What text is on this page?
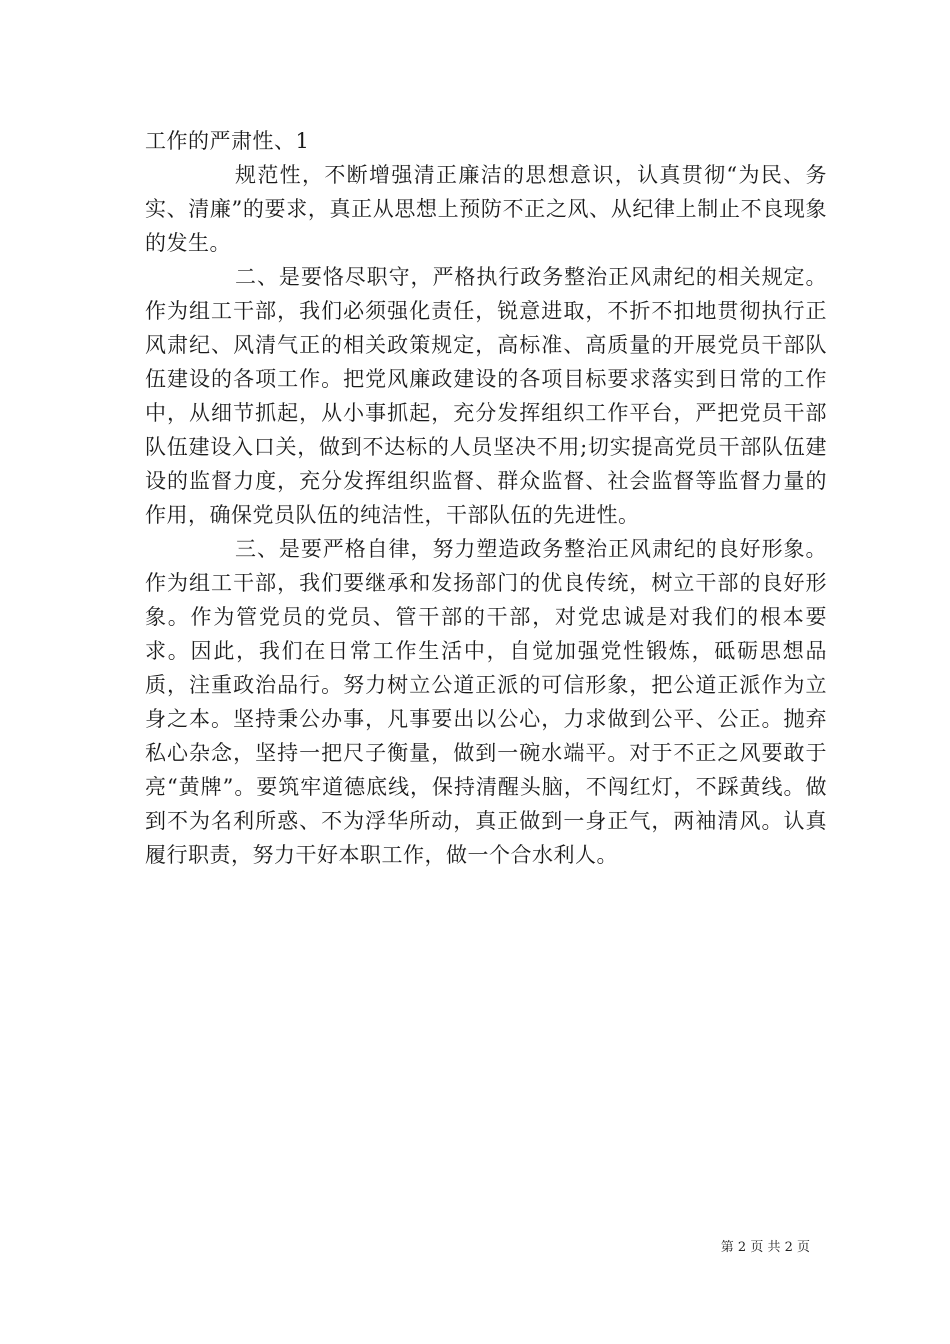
工作的严肃性、1

规范性，不断增强清正廉洁的思想意识，认真贯彻“为民、务实、清廉”的要求，真正从思想上预防不正之风、从纪律上制止不良现象的发生。

二、是要恪尽职守，严格执行政务整治正风肃纪的相关规定。作为组工干部，我们必须强化责任，锐意进取，不折不扣地贯彻执行正风肃纪、风清气正的相关政策规定，高标准、高质量的开展党员干部队伍建设的各项工作。把党风廉政建设的各项目标要求落实到日常的工作中，从细节抓起，从小事抓起，充分发挥组织工作平台，严把党员干部队伍建设入口关，做到不达标的人员坚决不用;切实提高党员干部队伍建设的监督力度，充分发挥组织监督、群众监督、社会监督等监督力量的作用，确保党员队伍的纯洁性，干部队伍的先进性。

三、是要严格自律，努力塑造政务整治正风肃纪的良好形象。作为组工干部，我们要继承和发扬部门的优良传统，树立干部的良好形象。作为管党员的党员、管干部的干部，对党忠诚是对我们的根本要求。因此，我们在日常工作生活中，自觉加强党性锻炼，砥砺思想品质，注重政治品行。努力树立公道正派的可信形象，把公道正派作为立身之本。坚持秉公办事，凡事要出以公心，力求做到公平、公正。抛弃私心杂念，坚持一把尺子衡量，做到一碗水端平。对于不正之风要敢于亮“黄牌”。要筑牢道德底线，保持清醒头脑，不闯红灯，不踩黄线。做到不为名利所惑、不为浮华所动，真正做到一身正气，两袖清风。认真履行职责，努力干好本职工作，做一个合水利人。

第 2 页 共 2 页
